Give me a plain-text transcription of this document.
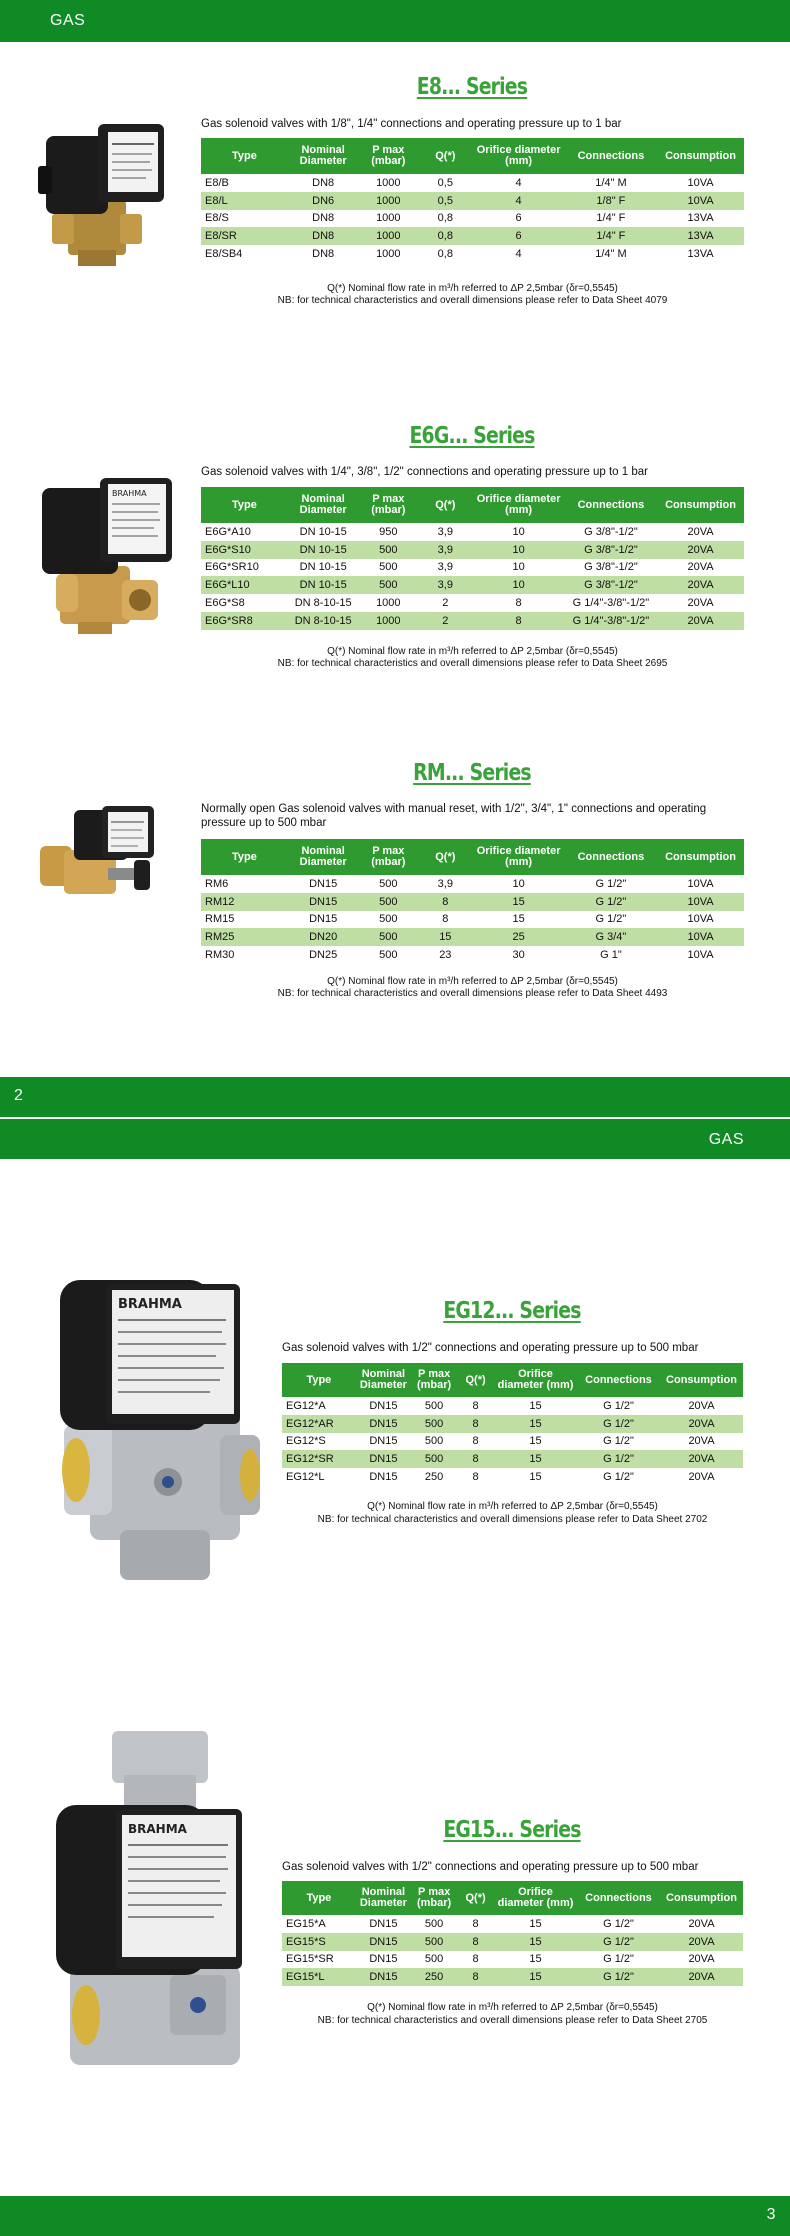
GAS
2
GAS
3
E8... Series
Gas solenoid valves with 1/8", 1/4" connections and operating pressure up to 1 bar
Type	Nominal Diameter	P max (mbar)	Q(*)	Orifice diameter (mm)	Connections	Consumption
E8/B	DN8	1000	0,5	4	1/4" M	10VA
E8/L	DN6	1000	0,5	4	1/8" F	10VA
E8/S	DN8	1000	0,8	6	1/4" F	13VA
E8/SR	DN8	1000	0,8	6	1/4" F	13VA
E8/SB4	DN8	1000	0,8	4	1/4" M	13VA
Q(*) Nominal flow rate in m³/h referred to ΔP 2,5mbar (δr=0,5545)
NB: for technical characteristics and overall dimensions please refer to Data Sheet 4079
E6G... Series
Gas solenoid valves with 1/4", 3/8", 1/2" connections and operating pressure up to 1 bar
Type	Nominal Diameter	P max (mbar)	Q(*)	Orifice diameter (mm)	Connections	Consumption
E6G*A10	DN 10-15	950	3,9	10	G 3/8"-1/2"	20VA
E6G*S10	DN 10-15	500	3,9	10	G 3/8"-1/2"	20VA
E6G*SR10	DN 10-15	500	3,9	10	G 3/8"-1/2"	20VA
E6G*L10	DN 10-15	500	3,9	10	G 3/8"-1/2"	20VA
E6G*S8	DN 8-10-15	1000	2	8	G 1/4"-3/8"-1/2"	20VA
E6G*SR8	DN 8-10-15	1000	2	8	G 1/4"-3/8"-1/2"	20VA
Q(*) Nominal flow rate in m³/h referred to ΔP 2,5mbar (δr=0,5545)
NB: for technical characteristics and overall dimensions please refer to Data Sheet 2695
RM... Series
Normally open Gas solenoid valves with manual reset, with 1/2", 3/4", 1" connections and operating pressure up to 500 mbar
Type	Nominal Diameter	P max (mbar)	Q(*)	Orifice diameter (mm)	Connections	Consumption
RM6	DN15	500	3,9	10	G 1/2"	10VA
RM12	DN15	500	8	15	G 1/2"	10VA
RM15	DN15	500	8	15	G 1/2"	10VA
RM25	DN20	500	15	25	G 3/4"	10VA
RM30	DN25	500	23	30	G 1"	10VA
Q(*) Nominal flow rate in m³/h referred to ΔP 2,5mbar (δr=0,5545)
NB: for technical characteristics and overall dimensions please refer to Data Sheet 4493
EG12... Series
Gas solenoid valves with 1/2" connections and operating pressure up to 500 mbar
Type	Nominal Diameter	P max (mbar)	Q(*)	Orifice diameter (mm)	Connections	Consumption
EG12*A	DN15	500	8	15	G 1/2"	20VA
EG12*AR	DN15	500	8	15	G 1/2"	20VA
EG12*S	DN15	500	8	15	G 1/2"	20VA
EG12*SR	DN15	500	8	15	G 1/2"	20VA
EG12*L	DN15	250	8	15	G 1/2"	20VA
Q(*) Nominal flow rate in m³/h referred to ΔP 2,5mbar (δr=0,5545)
NB: for technical characteristics and overall dimensions please refer to Data Sheet 2702
EG15... Series
Gas solenoid valves with 1/2" connections and operating pressure up to 500 mbar
Type	Nominal Diameter	P max (mbar)	Q(*)	Orifice diameter (mm)	Connections	Consumption
EG15*A	DN15	500	8	15	G 1/2"	20VA
EG15*S	DN15	500	8	15	G 1/2"	20VA
EG15*SR	DN15	500	8	15	G 1/2"	20VA
EG15*L	DN15	250	8	15	G 1/2"	20VA
Q(*) Nominal flow rate in m³/h referred to ΔP 2,5mbar (δr=0,5545)
NB: for technical characteristics and overall dimensions please refer to Data Sheet 2705
BRAHMA
BRAHMA
BRAHMA
